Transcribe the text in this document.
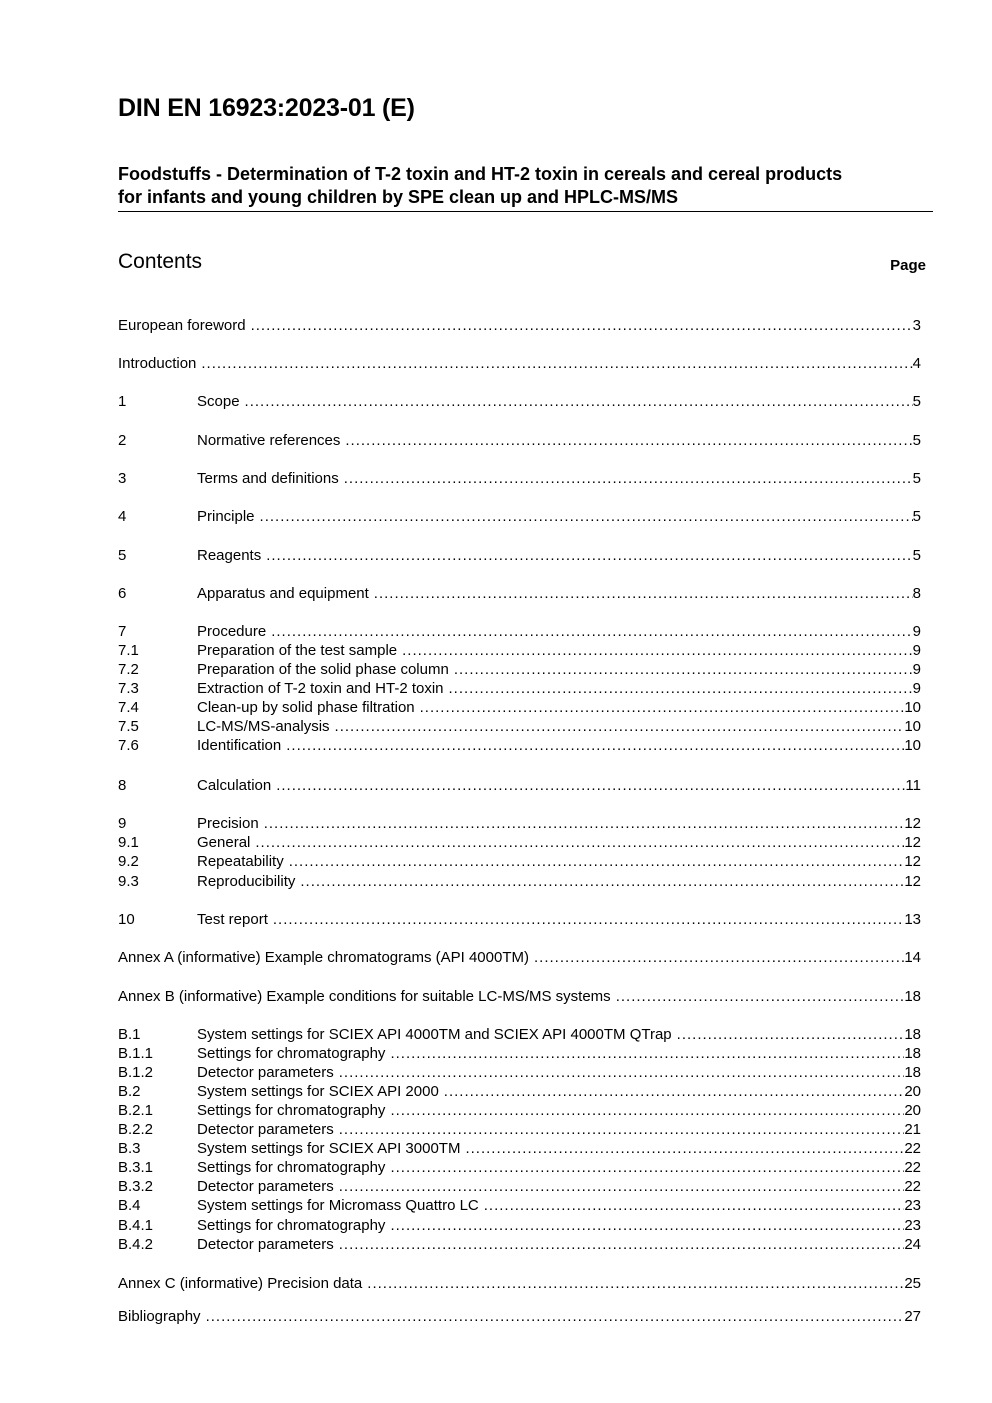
DIN EN 16923:2023-01 (E)
Foodstuffs - Determination of T-2 toxin and HT-2 toxin in cereals and cereal products
for infants and young children by SPE clean up and HPLC-MS/MS
Contents	Page
European foreword .....	3
Introduction .....	4
1	Scope .....	5
2	Normative references .....	5
3	Terms and definitions .....	5
4	Principle .....	5
5	Reagents .....	5
6	Apparatus and equipment .....	8
7	Procedure .....	9
7.1	Preparation of the test sample .....	9
7.2	Preparation of the solid phase column .....	9
7.3	Extraction of T-2 toxin and HT-2 toxin .....	9
7.4	Clean-up by solid phase filtration .....	10
7.5	LC-MS/MS-analysis .....	10
7.6	Identification .....	10
8	Calculation .....	11
9	Precision .....	12
9.1	General .....	12
9.2	Repeatability .....	12
9.3	Reproducibility .....	12
10	Test report .....	13
Annex A (informative) Example chromatograms (API 4000TM) .....	14
Annex B (informative) Example conditions for suitable LC-MS/MS systems .....	18
B.1	System settings for SCIEX API 4000TM and SCIEX API 4000TM QTrap .....	18
B.1.1	Settings for chromatography .....	18
B.1.2	Detector parameters .....	18
B.2	System settings for SCIEX API 2000 .....	20
B.2.1	Settings for chromatography .....	20
B.2.2	Detector parameters .....	21
B.3	System settings for SCIEX API 3000TM .....	22
B.3.1	Settings for chromatography .....	22
B.3.2	Detector parameters .....	22
B.4	System settings for Micromass Quattro LC .....	23
B.4.1	Settings for chromatography .....	23
B.4.2	Detector parameters .....	24
Annex C (informative) Precision data .....	25
Bibliography .....	27
